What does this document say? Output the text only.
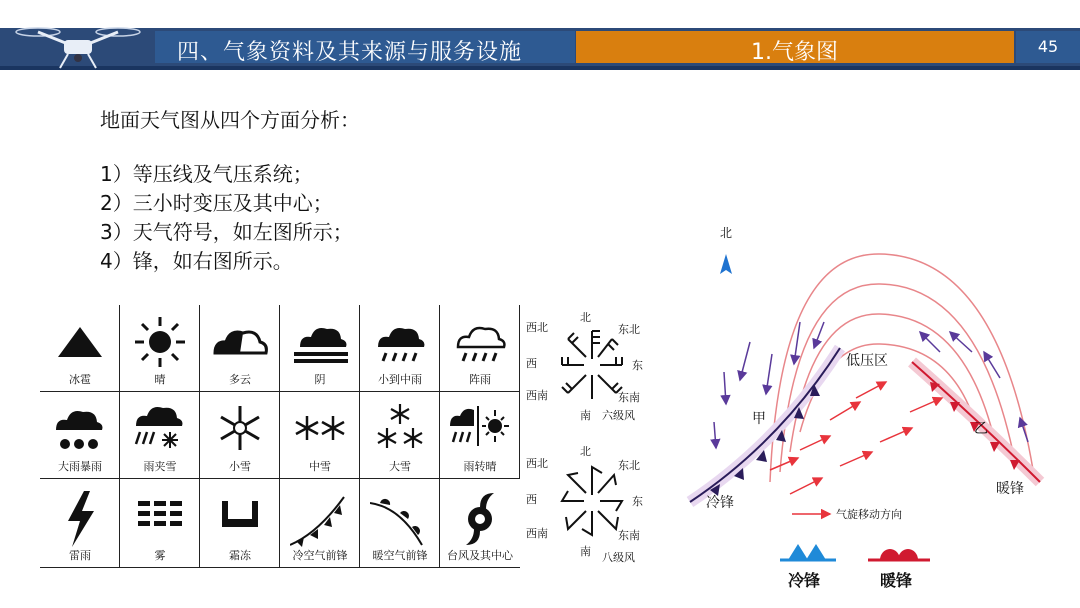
四、气象资料及其来源与服务设施	1.气象图	45
地面天气图从四个方面分析：
1）等压线及气压系统；
2）三小时变压及其中心；
3）天气符号，如左图所示；
4）锋，如右图所示。
冰雹	晴	多云	阴	小到中雨	阵雨
大雨暴雨	雨夹雪	小雪	中雪	大雪	雨转晴
雷雨	雾	霜冻	冷空气前锋	暖空气前锋	台风及其中心
北
东北
东
东南
南
西南
西
西北
六级风
北
东北
东
东南
南
西南
西
西北
八级风
北
低压区
甲
乙
冷锋
暖锋
气旋移动方向
冷锋	暖锋
